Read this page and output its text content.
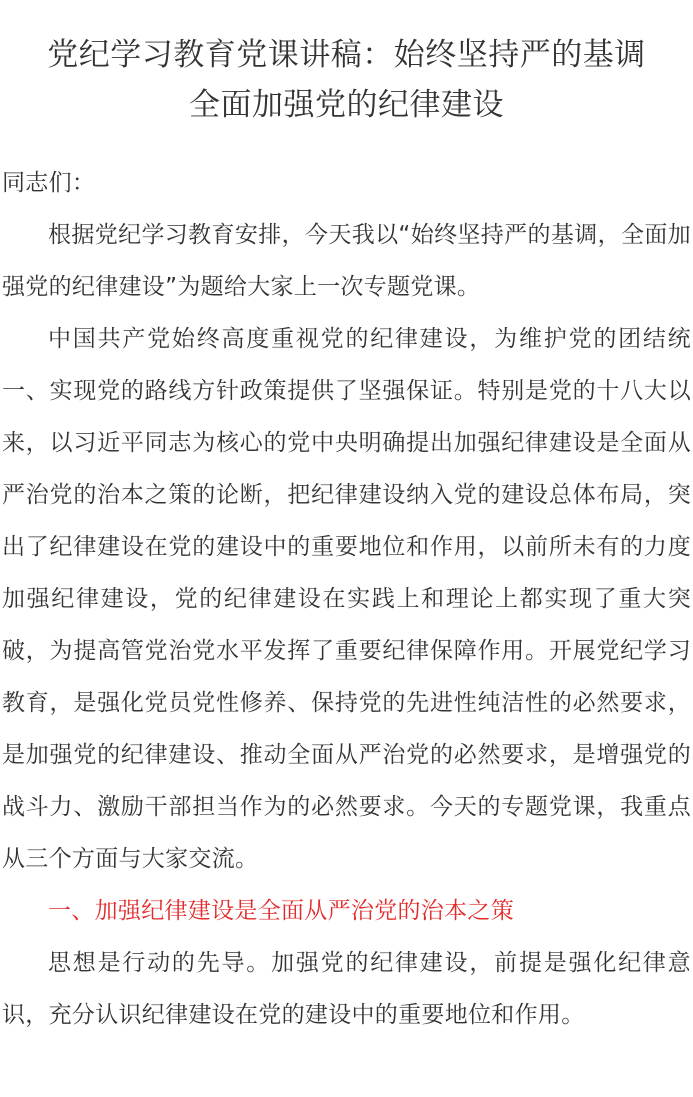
党纪学习教育党课讲稿：始终坚持严的基调
全面加强党的纪律建设

同志们：

根据党纪学习教育安排，今天我以“始终坚持严的基调，全面加强党的纪律建设”为题给大家上一次专题党课。

中国共产党始终高度重视党的纪律建设，为维护党的团结统一、实现党的路线方针政策提供了坚强保证。特别是党的十八大以来，以习近平同志为核心的党中央明确提出加强纪律建设是全面从严治党的治本之策的论断，把纪律建设纳入党的建设总体布局，突出了纪律建设在党的建设中的重要地位和作用，以前所未有的力度加强纪律建设，党的纪律建设在实践上和理论上都实现了重大突破，为提高管党治党水平发挥了重要纪律保障作用。开展党纪学习教育，是强化党员党性修养、保持党的先进性纯洁性的必然要求，是加强党的纪律建设、推动全面从严治党的必然要求，是增强党的战斗力、激励干部担当作为的必然要求。今天的专题党课，我重点从三个方面与大家交流。

一、加强纪律建设是全面从严治党的治本之策

思想是行动的先导。加强党的纪律建设，前提是强化纪律意识，充分认识纪律建设在党的建设中的重要地位和作用。
